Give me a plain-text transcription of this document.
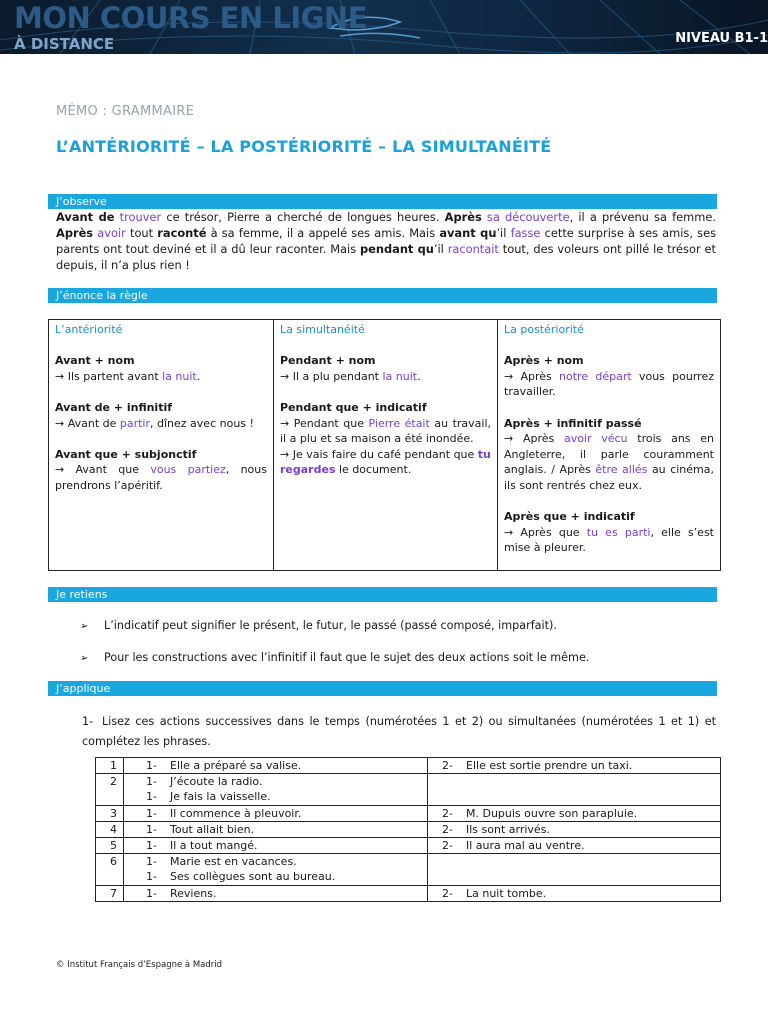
MON COURS EN LIGNE
À DISTANCE	NIVEAU B1-1
MÉMO : GRAMMAIRE
L’ANTÉRIORITÉ – LA POSTÉRIORITÉ – LA SIMULTANÉITÉ
J’observe
Avant de trouver ce trésor, Pierre a cherché de longues heures. Après sa découverte, il a prévenu sa femme. Après avoir tout raconté à sa femme, il a appelé ses amis. Mais avant qu’il fasse cette surprise à ses amis, ses parents ont tout deviné et il a dû leur raconter. Mais pendant qu’il racontait tout, des voleurs ont pillé le trésor et depuis, il n’a plus rien !
J’énonce la règle
L’antériorité
Avant + nom
→ Ils partent avant la nuit.
Avant de + infinitif
→ Avant de partir, dînez avec nous !
Avant que + subjonctif
→ Avant que vous partiez, nous prendrons l’apéritif.

La simultanéité
Pendant + nom
→ Il a plu pendant la nuit.
Pendant que + indicatif
→ Pendant que Pierre était au travail, il a plu et sa maison a été inondée.
→ Je vais faire du café pendant que tu regardes le document.

La postériorité
Après + nom
→ Après notre départ vous pourrez travailler.
Après + infinitif passé
→ Après avoir vécu trois ans en Angleterre, il parle couramment anglais. / Après être allés au cinéma, ils sont rentrés chez eux.
Après que + indicatif
→ Après que tu es parti, elle s’est mise à pleurer.
Je retiens
➢ L’indicatif peut signifier le présent, le futur, le passé (passé composé, imparfait).
➢ Pour les constructions avec l’infinitif il faut que le sujet des deux actions soit le même.
J’applique
1- Lisez ces actions successives dans le temps (numérotées 1 et 2) ou simultanées (numérotées 1 et 1) et complétez les phrases.
1	1- Elle a préparé sa valise.	2- Elle est sortie prendre un taxi.
2	1- J’écoute la radio.
1- Je fais la vaisselle.	

3	1- Il commence à pleuvoir.	2- M. Dupuis ouvre son parapluie.
4	1- Tout allait bien.	2- Ils sont arrivés.
5	1- Il a tout mangé.	2- Il aura mal au ventre.
6	1- Marie est en vacances.
1- Ses collègues sont au bureau.	

7	1- Reviens.	2- La nuit tombe.
© Institut Français d’Espagne à Madrid
